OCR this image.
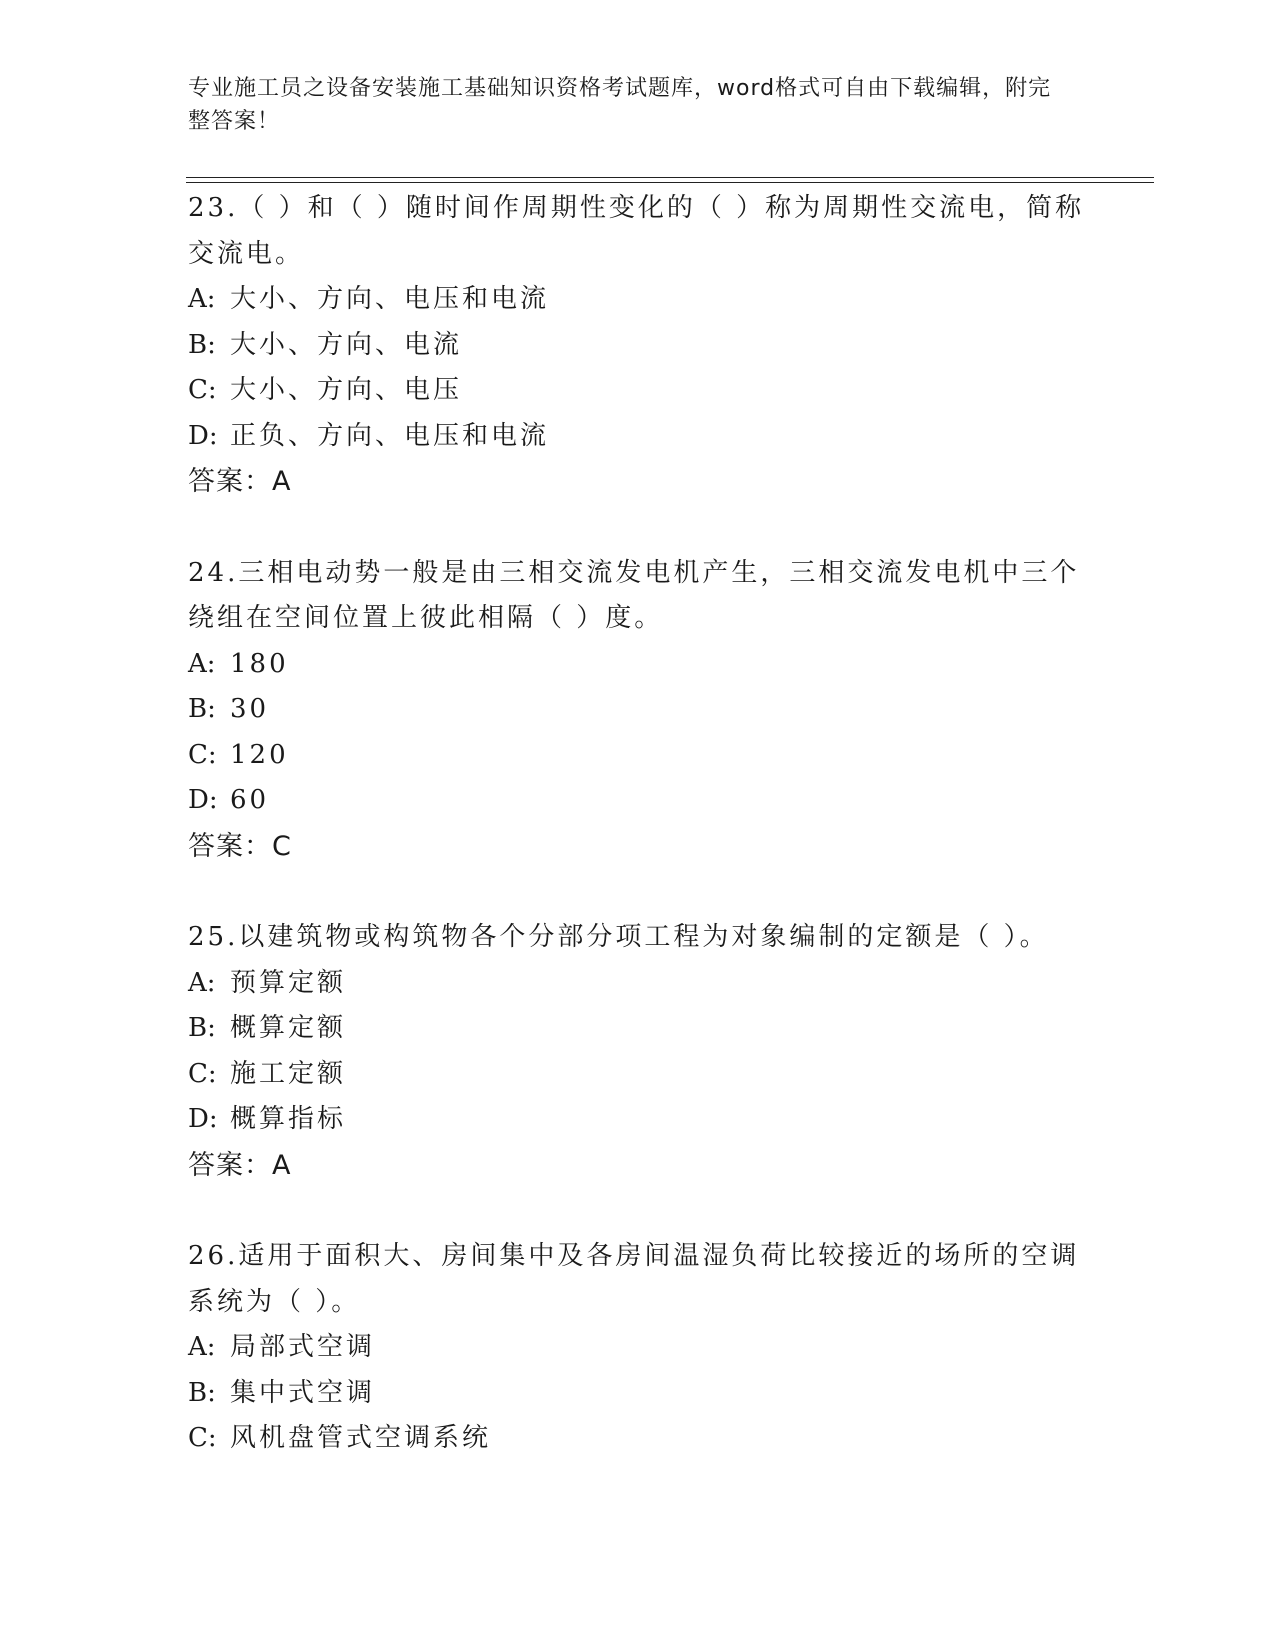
专业施工员之设备安装施工基础知识资格考试题库，word格式可自由下载编辑，附完整答案！
23.（ ）和（ ）随时间作周期性变化的（ ）称为周期性交流电，简称交流电。
A: 大小、方向、电压和电流
B: 大小、方向、电流
C: 大小、方向、电压
D: 正负、方向、电压和电流
答案：A
24.三相电动势一般是由三相交流发电机产生，三相交流发电机中三个绕组在空间位置上彼此相隔（ ）度。
A: 180
B: 30
C: 120
D: 60
答案：C
25.以建筑物或构筑物各个分部分项工程为对象编制的定额是（ ）。
A: 预算定额
B: 概算定额
C: 施工定额
D: 概算指标
答案：A
26.适用于面积大、房间集中及各房间温湿负荷比较接近的场所的空调系统为（ ）。
A: 局部式空调
B: 集中式空调
C: 风机盘管式空调系统
